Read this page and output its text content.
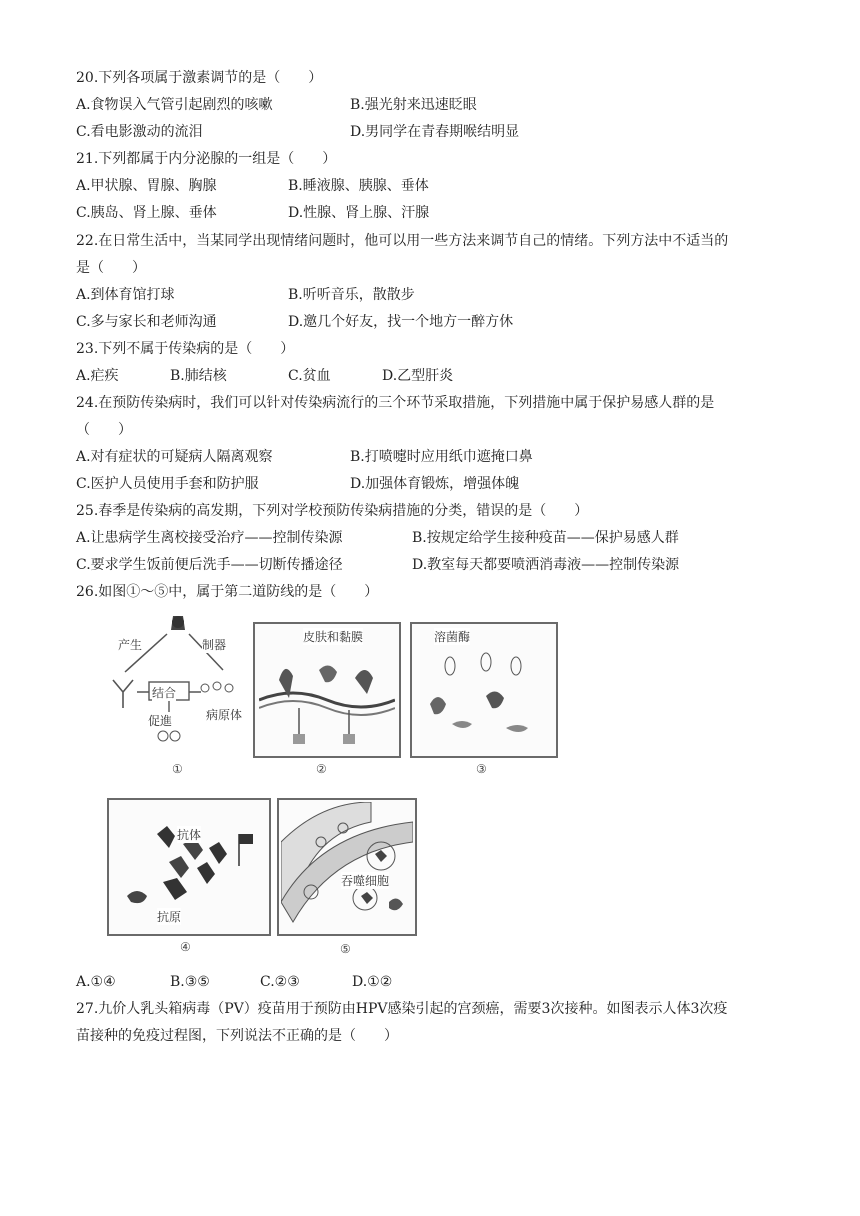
20.下列各项属于激素调节的是（　　）
A.食物误入气管引起剧烈的咳嗽	B.强光射来迅速眨眼
C.看电影激动的流泪	D.男同学在青春期喉结明显
21.下列都属于内分泌腺的一组是（　　）
A.甲状腺、胃腺、胸腺	B.睡液腺、胰腺、垂体
C.胰岛、肾上腺、垂体	D.性腺、肾上腺、汗腺
22.在日常生活中，当某同学出现情绪问题时，他可以用一些方法来调节自己的情绪。下列方法中不适当的
是（　　）
A.到体育馆打球	B.听听音乐，散散步
C.多与家长和老师沟通	D.邀几个好友，找一个地方一醉方休
23.下列不属于传染病的是（　　）
A.疟疾	B.肺结核	C.贫血	D.乙型肝炎
24.在预防传染病时，我们可以针对传染病流行的三个环节采取措施，下列措施中属于保护易感人群的是
（　　）
A.对有症状的可疑病人隔离观察	B.打喷嚏时应用纸巾遮掩口鼻
C.医护人员使用手套和防护服	D.加强体育锻炼，增强体魄
25.春季是传染病的高发期，下列对学校预防传染病措施的分类，错误的是（　　）
A.让患病学生离校接受治疗——控制传染源	B.按规定给学生接种疫苗——保护易感人群
C.要求学生饭前便后洗手——切断传播途径	D.教室每天都要喷洒消毒液——控制传染源
26.如图①～⑤中，属于第二道防线的是（　　）
产生	制器
结合
促進	病原体
①
皮肤和黏膜
②
溶菌酶
③
抗体
抗原
④
吞噬细胞
⑤
A.①④	B.③⑤	C.②③	D.①②
27.九价人乳头箱病毒（PV）疫苗用于预防由HPV感染引起的宫颈癌，需要3次接种。如图表示人体3次疫
苗接种的免疫过程图，下列说法不正确的是（　　）
